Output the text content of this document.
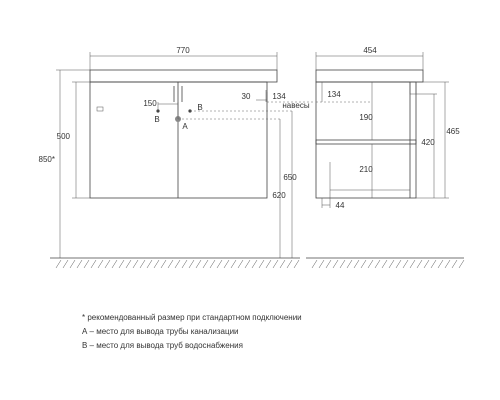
770
150	B
B
A
30	134
навесы
500
850*
650
620
454
134
190
210
465
420
44
* рекомендованный размер при стандартном подключении
А – место для вывода трубы канализации
В – место для вывода труб водоснабжения
